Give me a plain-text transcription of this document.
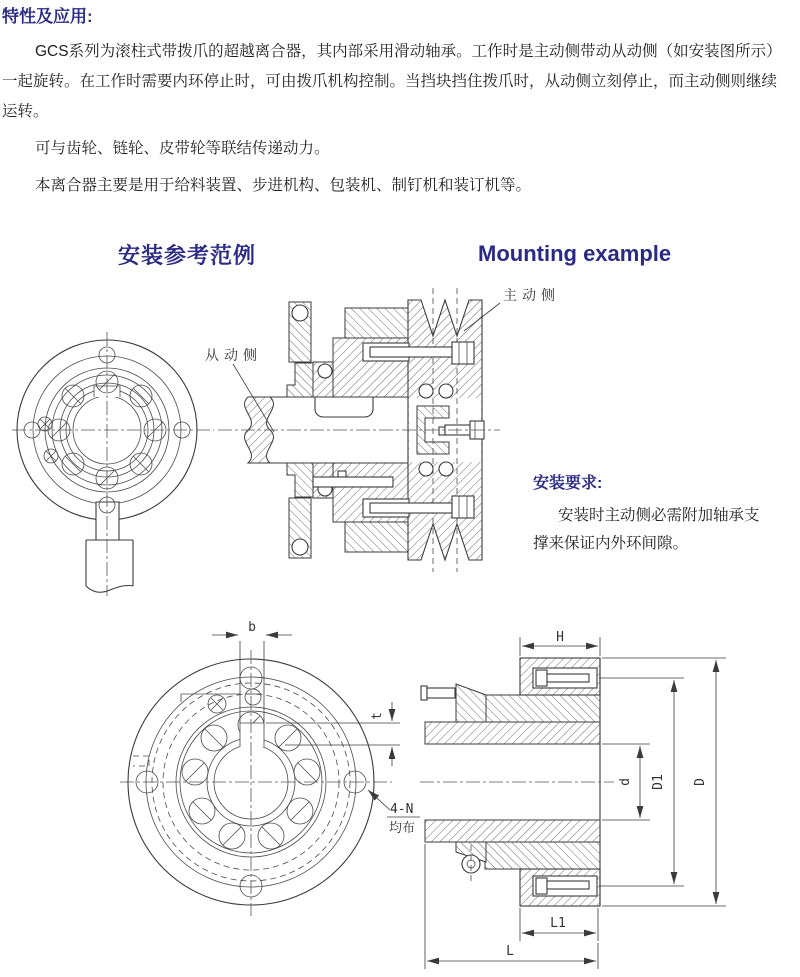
特性及应用:
GCS系列为滚柱式带拨爪的超越离合器，其内部采用滑动轴承。工作时是主动侧带动从动侧（如安装图所示）
一起旋转。在工作时需要内环停止时，可由拨爪机构控制。当挡块挡住拨爪时，从动侧立刻停止，而主动侧则继续
运转。
可与齿轮、链轮、皮带轮等联结传递动力。
本离合器主要是用于给料装置、步进机构、包装机、制钉机和装订机等。
安装参考范例	Mounting example
从动侧
主动侧
安装要求:
安装时主动侧必需附加轴承支
撑来保证内外环间隙。
b
t
4-N
均布
H
d D1 D
L1
L
